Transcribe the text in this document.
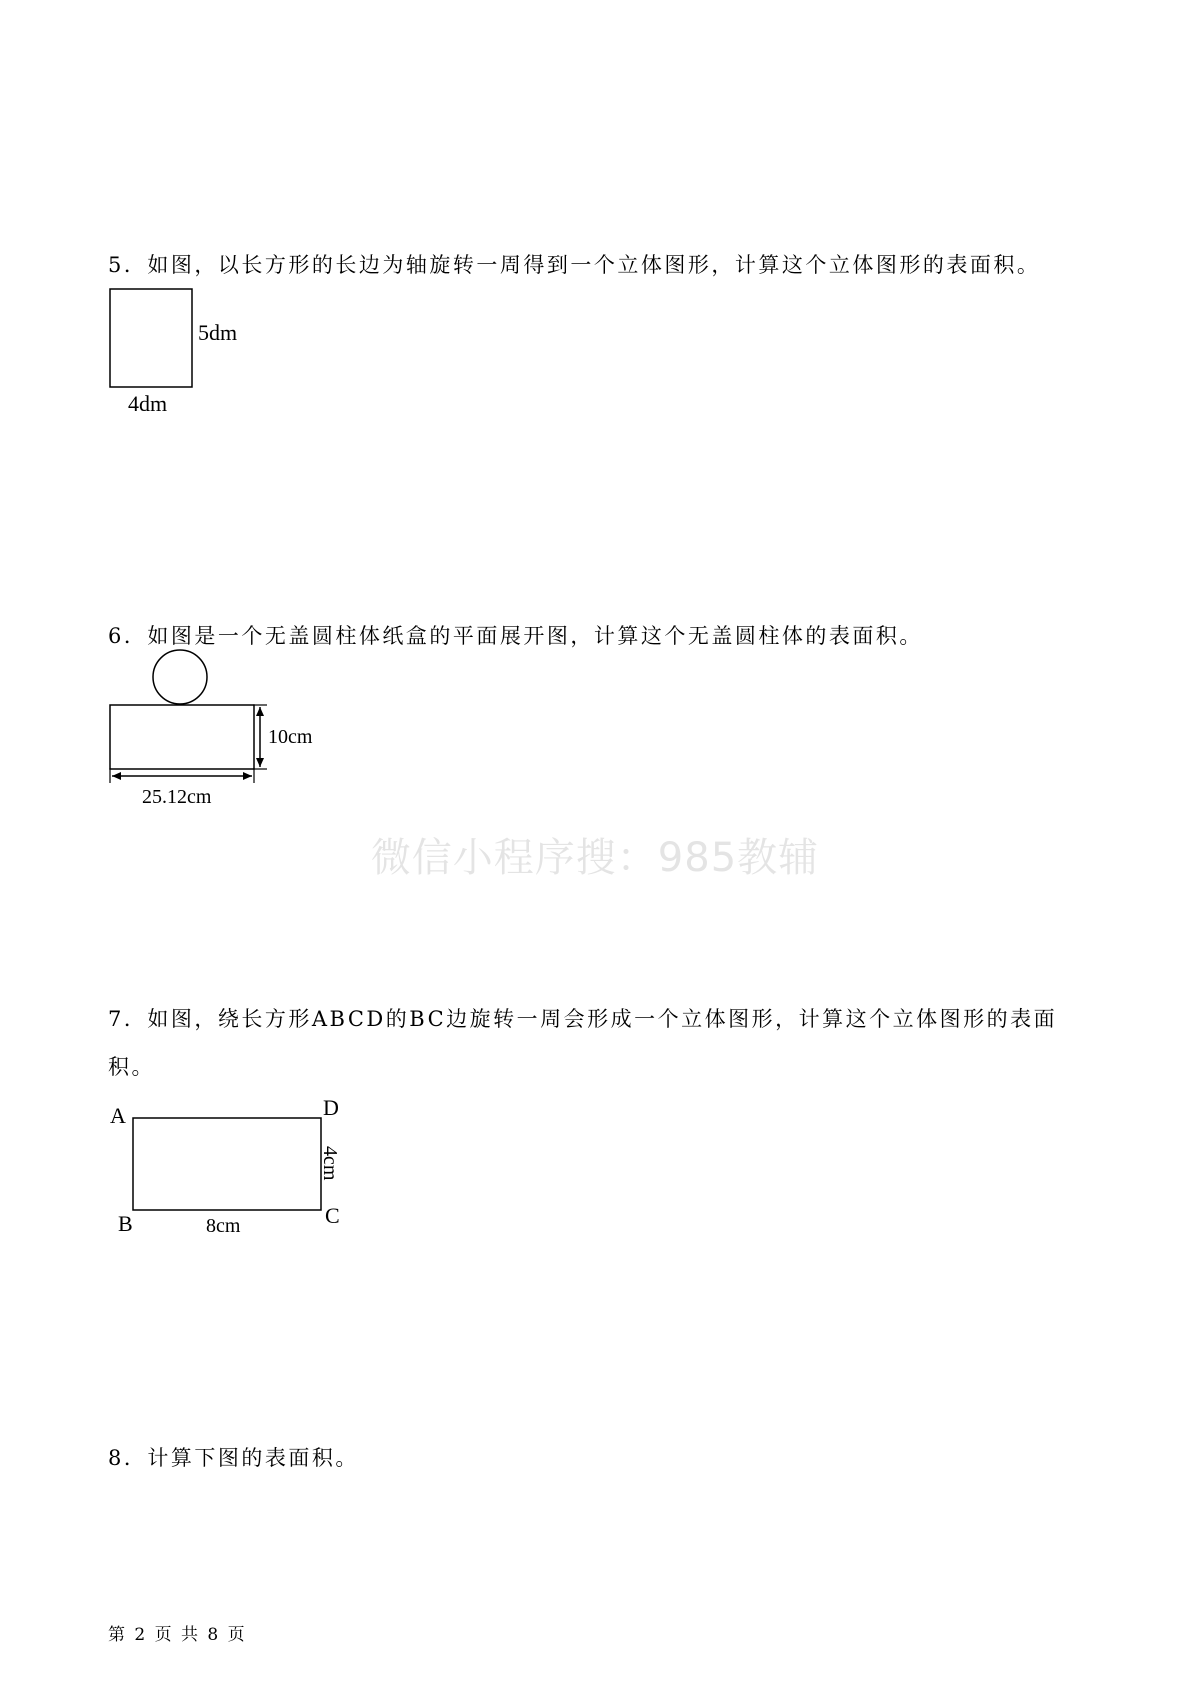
5．如图，以长方形的长边为轴旋转一周得到一个立体图形，计算这个立体图形的表面积。
5dm
4dm
6．如图是一个无盖圆柱体纸盒的平面展开图，计算这个无盖圆柱体的表面积。
10cm
25.12cm
微信小程序搜：985教辅
7．如图，绕长方形ABCD的BC边旋转一周会形成一个立体图形，计算这个立体图形的表面积。
A	D
B	C
4cm
8cm
8．计算下图的表面积。
第 2 页 共 8 页
